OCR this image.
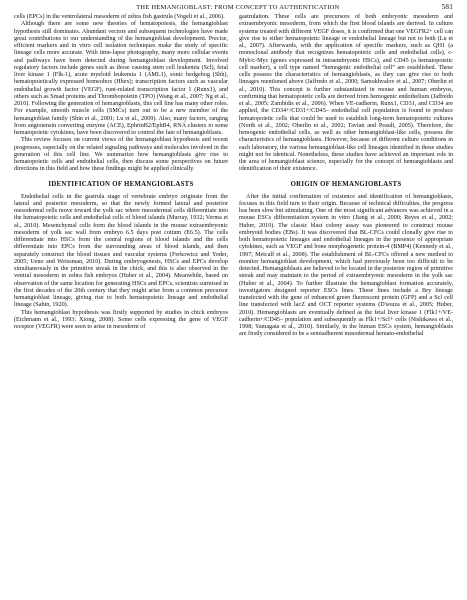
THE HEMANGIOBLAST: FROM CONCEPT TO AUTHENTICATION	581

cells (EPCs) in the ventrolateral mesoderm of zebra fish gastrula (Vogeli et al., 2006).

Although there are some new theories of hematopoiesis, the hemangioblast hypothesis still dominates. Abundant vectors and subsequent technologies have made great contributions to our understanding of the hemangioblast development. Precise, efficient markers and in vitro cell isolation techniques make the study of specific lineage cells more accurate. With time-lapse photography, many more cellular events and pathways have been detected during hemangioblast development. Involved regulatory factors include genes such as those causing stem cell leukemia (Scl), fetal liver kinase 1 (Flk-1), acute myeloid leukemia 1 (AML1), sonic hedgehog (Shh), hematopoietically expressed homeobox (Hhex); transcription factors such as vascular endothelial growth factor (VEGF), runt-related transcription factor 1 (Runx1), and others such as Smad proteins and Thrombopoietin (TPO) (Wang et al., 2007; Ng et al., 2010). Following the generation of hemangioblasts, this cell line has many other roles. For example, smooth muscle cells (SMCs) turn out to be a new member of the hemangioblast family (Shin et al., 2001; Lu et al., 2009). Also, many factors, ranging from angiotensin converting enzyme (ACE), EphrinB2/EphB4, RNA clusters to some hematopoietic cytokines, have been discovered to control the fate of hemangioblasts.

This review focuses on current views of the hemangioblast hypothesis and recent progresses, especially on the related signaling pathways and molecules involved in the generation of this cell line. We summarize how hemangioblasts give rise to hematopoietic cells and endothelial cells, then discuss some perspectives on future directions in this field and how these findings might be applied clinically.

IDENTIFICATION OF HEMANGIOBLASTS

Endothelial cells in the gastrula stage of vertebrate embryo originate from the lateral and posterior mesoderm, so that the newly formed lateral and posterior mesodermal cells move toward the yolk sac where mesodermal cells differentiate into the hematopoietic cells and endothelial cells of blood islands (Murray, 1932; Verma et al., 2010). Mesenchymal cells form the blood islands in the mouse extraembryonic mesoderm of yolk sac wall from embryo 6.5 days post coitum (E6.5). The cells differentiate into HSCs from the central regions of blood islands and the cells differentiate into EPCs from the surrounding areas of blood islands, and then separately construct the blood tissues and vascular systems (Ferkowicz and Yoder, 2005; Ueno and Weissman, 2010). During embryogenesis, HSCs and EPCs develop simultaneously in the primitive streak in the chick, and this is also observed in the ventral mesoderm in zebra fish embryos (Huber et al., 2004). Meanwhile, based on observation of the same location for generating HSCs and EPCs, scientists surmised in the first decades of the 20th century that they might arise from a common precursor hemangioblast lineage, giving rise to both hematopoietic lineage and endothelial lineage (Sabin, 1920).

This hemangioblast hypothesis was firstly supported by studies in chick embryos (Eichmann et al., 1993; Xiong, 2008). Some cells expressing the gene of VEGF receptor (VEGFR) were seen to arise in mesoderm of

gastrulation. These cells are precursors of both embryonic mesoderm and extraembryonic mesoderm, from which the first blood islands are derived. In culture systems treated with different VEGF doses, it is confirmed that one VEGFR2+ cell can give rise to either hematopoietic lineage or endothelial lineage but not to both (Lu et al., 2007). Afterwards, with the application of specific markers, such as QH1 (a monoclonal antibody that recognizes hematopoietic cells and endothelial cells), c-Myb/c-Myc (genes expressed in intraembryonic HSCs), and CD45 (a hematopoietic cell marker), a cell type named “hemogenic endothelial cell” are established. These cells possess the characteristics of hemangioblasts, as they can give rise to both lineages mentioned above (Jaffredo et al., 2000; Samokhvalov et al., 2007; Oberlin et al., 2010). This concept is further substantiated in mouse and human embryos, confirming that hematopoietic cells are derived from hemogenic endothelium (Jaffredo et al., 2005; Zambidis et al., 2006). When VE-cadherin, Runx1, CD31, and CD34 are applied, the CD34+/CD31+/CD45– endothelial cell population is found to produce hematopoietic cells that could be used to establish long-term hematopoietic cultures (North et al., 2002; Oberlin et al., 2002; Tavian and Peault, 2005). Therefore, the hemogenic endothelial cells, as well as other hemangioblast-like cells, possess the characteristics of hemangioblasts. However, because of different culture conditions in each laboratory, the various hemangioblast-like cell lineages identified in these studies might not be identical. Nonetheless, these studies have achieved an important role in the area of hemangioblast science, especially for the concept of hemangioblasts and identification of their existence.

ORIGIN OF HEMANGIOBLASTS

After the initial confirmation of existence and identification of hemangioblasts, focuses in this field turn to their origin. Because of technical difficulties, the progress has been slow but stimulating. One of the most significant advances was achieved in a mouse ESCs differentiation system in vitro (Jiang et al., 2000; Reyes et al., 2002; Huber, 2010). The classic blast colony assay was pioneered to construct mouse embryoid bodies (EBs). It was discovered that BL-CFCs could clonally give rise to both hematopoietic lineages and endothelial lineages in the presence of appropriate cytokines, such as VEGF and bone morphogenetic protein-4 (BMP4) (Kennedy et al., 1997; Metcalf et al., 2008). The establishment of BL-CFCs offered a new method to monitor hemangioblast development, which had previously been too difficult to be detected. Hemangioblasts are believed to be located in the posterior region of primitive streak and may maintain to the period of extraembryonic mesoderm in the yolk sac (Huber et al., 2004). To further illustrate the hemangioblast formation accurately, investigators designed reporter ESCs lines. These lines include a Bry lineage transfected with the gene of enhanced green fluorescent protein (GFP) and a Scl cell line transfected with lacZ and OCT reporter systems (D'souza et al., 2005; Huber, 2010). Hemangioblasts are eventually defined as the fetal liver kinase 1 (Flk1+/VE-cadherin+/CD45– population and subsequently as Flk1+/Scl+ cells (Nishikawa et al., 1998; Yamagata et al., 2010). Similarly, in the human ESCs system, hemangioblasts are firstly considered to be a semiadherent mesodermal hemato-endothelial
